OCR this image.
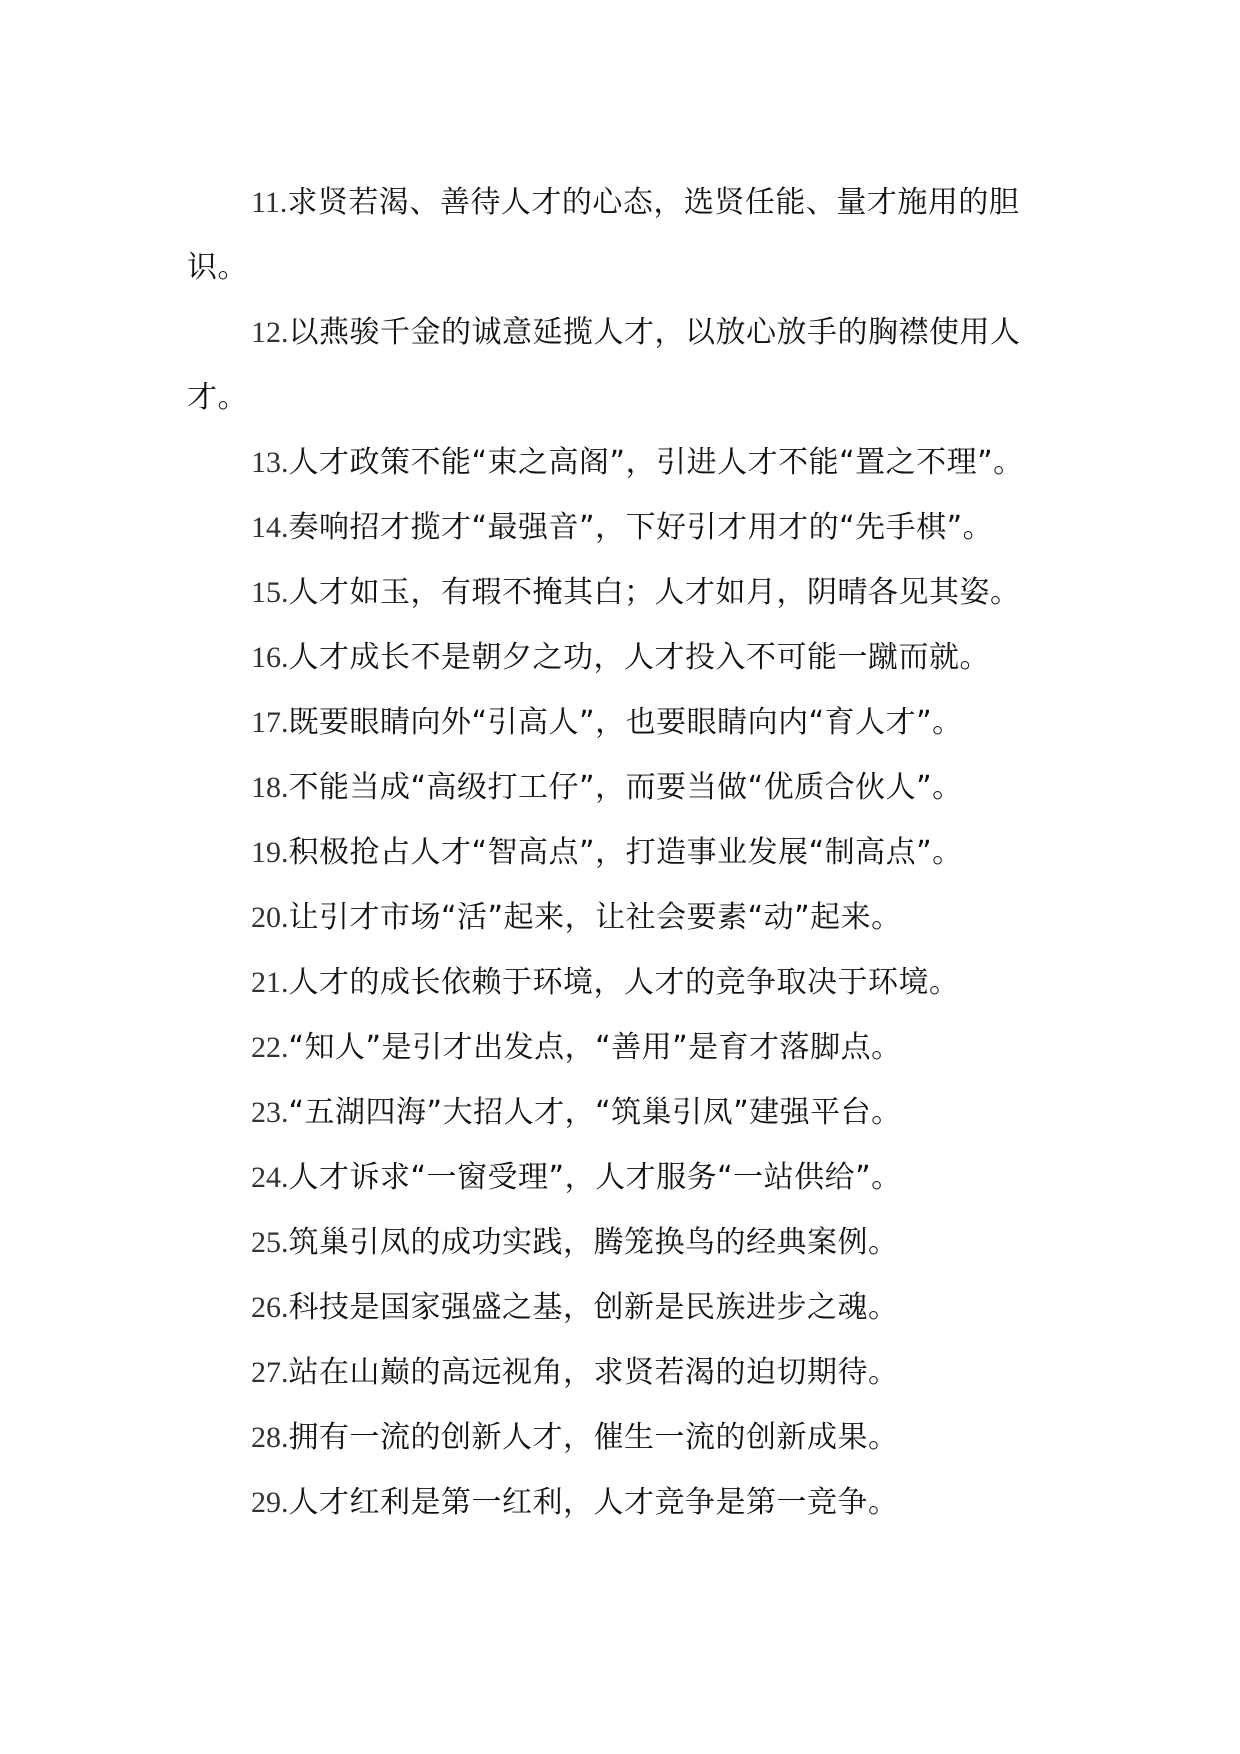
11.求贤若渴、善待人才的心态，选贤任能、量才施用的胆识。

12.以燕骏千金的诚意延揽人才，以放心放手的胸襟使用人才。

13.人才政策不能“束之高阁”，引进人才不能“置之不理”。

14.奏响招才揽才“最强音”，下好引才用才的“先手棋”。

15.人才如玉，有瑕不掩其白；人才如月，阴晴各见其姿。

16.人才成长不是朝夕之功，人才投入不可能一蹴而就。

17.既要眼睛向外“引高人”，也要眼睛向内“育人才”。

18.不能当成“高级打工仔”，而要当做“优质合伙人”。

19.积极抢占人才“智高点”，打造事业发展“制高点”。

20.让引才市场“活”起来，让社会要素“动”起来。

21.人才的成长依赖于环境，人才的竞争取决于环境。

22.“知人”是引才出发点，“善用”是育才落脚点。

23.“五湖四海”大招人才，“筑巢引凤”建强平台。

24.人才诉求“一窗受理”，人才服务“一站供给”。

25.筑巢引凤的成功实践，腾笼换鸟的经典案例。

26.科技是国家强盛之基，创新是民族进步之魂。

27.站在山巅的高远视角，求贤若渴的迫切期待。

28.拥有一流的创新人才，催生一流的创新成果。

29.人才红利是第一红利，人才竞争是第一竞争。
